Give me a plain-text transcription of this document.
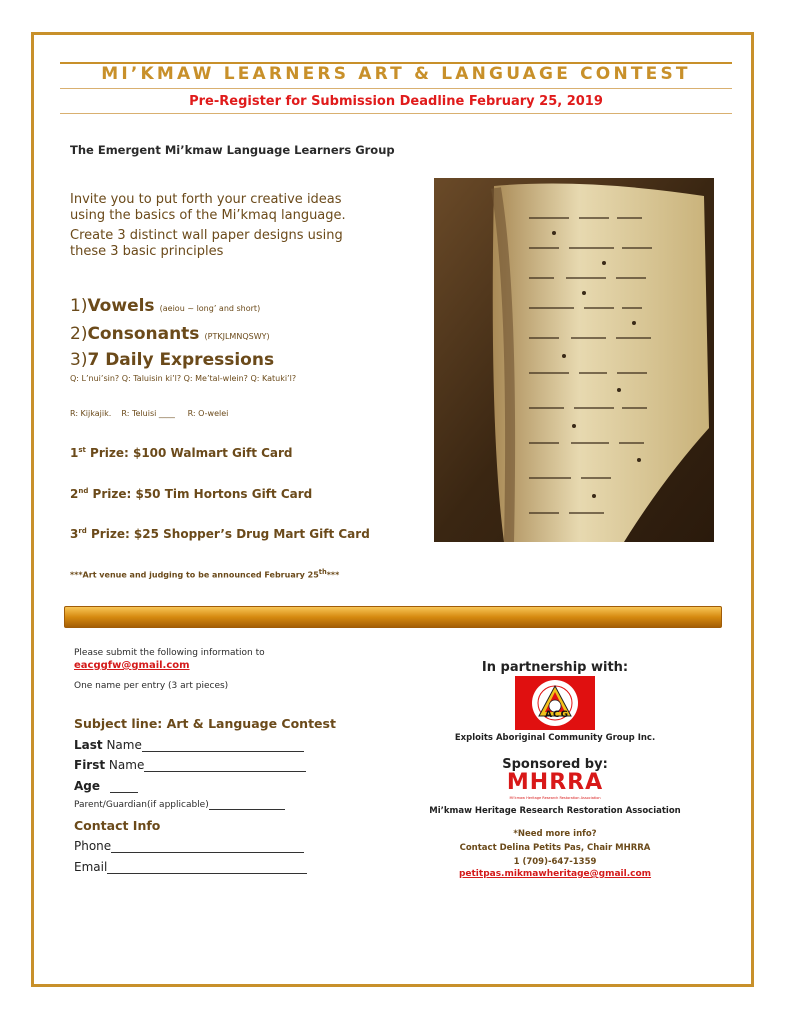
MI’KMAW LEARNERS ART & LANGUAGE CONTEST
Pre-Register for Submission Deadline February 25, 2019
The Emergent Mi’kmaw Language Learners Group
Invite you to put forth your creative ideas
using the basics of the Mi’kmaq language.
Create 3 distinct wall paper designs using
these 3 basic principles
1)Vowels (aeiou ~ long’ and short)
2)Consonants (PTKJLMNQSWY)
3)7 Daily Expressions
Q: L’nui’sin? Q: Taluisin ki’l? Q: Me’tal-wlein? Q: Katuki’l?
R: Kijkajik.    R: Teluisi ____     R: O-welei
1st Prize: $100 Walmart Gift Card
2nd Prize: $50 Tim Hortons Gift Card
3rd Prize: $25 Shopper’s Drug Mart Gift Card
***Art venue and judging to be announced February 25th***
Please submit the following information to
eacggfw@gmail.com
One name per entry (3 art pieces)
Subject line: Art & Language Contest
Last Name
First Name
Age
Parent/Guardian(if applicable)
Contact Info
Phone
Email
In partnership with:
ACG
Exploits Aboriginal Community Group Inc.
Sponsored by:
MHRRA
Mi’kmaw Heritage Research Restoration Association
Mi’kmaw Heritage Research Restoration Association
*Need more info?
Contact Delina Petits Pas, Chair MHRRA
1 (709)-647-1359
petitpas.mikmawheritage@gmail.com
